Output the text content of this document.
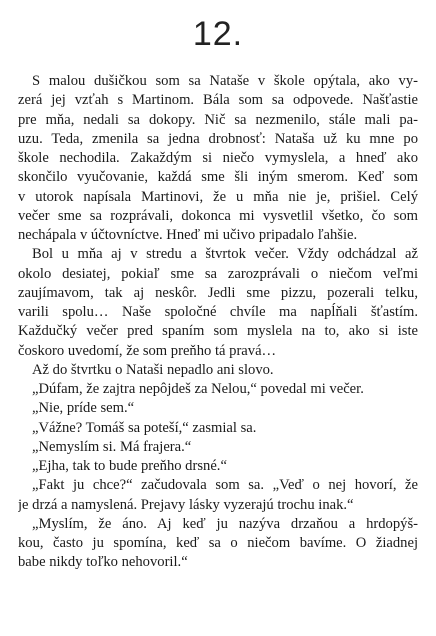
12.
S malou dušičkou som sa Nataše v škole opýtala, ako vy-
zerá jej vzťah s Martinom. Bála som sa odpovede. Našťastie
pre mňa, nedali sa dokopy. Nič sa nezmenilo, stále mali pa-
uzu. Teda, zmenila sa jedna drobnosť: Nataša už ku mne po
škole nechodila. Zakaždým si niečo vymyslela, a hneď ako
skončilo vyučovanie, každá sme šli iným smerom. Keď som
v utorok napísala Martinovi, že u mňa nie je, prišiel. Celý
večer sme sa rozprávali, dokonca mi vysvetlil všetko, čo som
nechápala v účtovníctve. Hneď mi učivo pripadalo ľahšie.
Bol u mňa aj v stredu a štvrtok večer. Vždy odchádzal až
okolo desiatej, pokiaľ sme sa zarozprávali o niečom veľmi
zaujímavom, tak aj neskôr. Jedli sme pizzu, pozerali telku,
varili spolu… Naše spoločné chvíle ma napĺňali šťastím.
Každučký večer pred spaním som myslela na to, ako si iste
čoskoro uvedomí, že som preňho tá pravá…
Až do štvrtku o Nataši nepadlo ani slovo.
„Dúfam, že zajtra nepôjdeš za Nelou,“ povedal mi večer.
„Nie, príde sem.“
„Vážne? Tomáš sa poteší,“ zasmial sa.
„Nemyslím si. Má frajera.“
„Ejha, tak to bude preňho drsné.“
„Fakt ju chce?“ začudovala som sa. „Veď o nej hovorí, že
je drzá a namyslená. Prejavy lásky vyzerajú trochu inak.“
„Myslím, že áno. Aj keď ju nazýva drzaňou a hrdopýš-
kou, často ju spomína, keď sa o niečom bavíme. O žiadnej
babe nikdy toľko nehovoril.“
